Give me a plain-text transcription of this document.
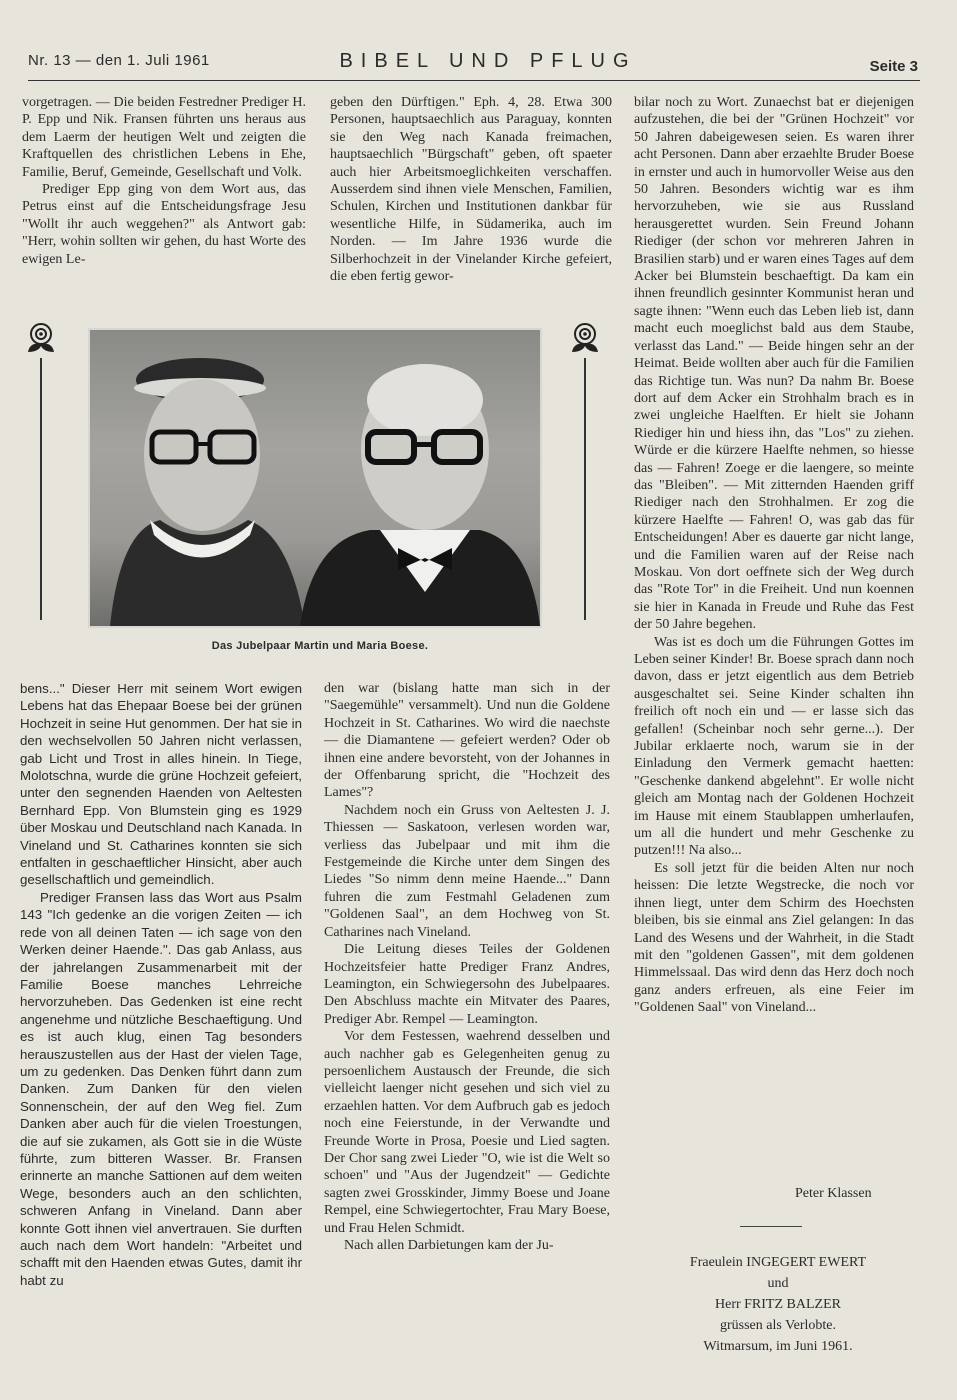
Nr. 13 — den 1. Juli 1961	BIBEL UND PFLUG	Seite 3

vorgetragen. — Die beiden Festredner Prediger H. P. Epp und Nik. Fransen führten uns heraus aus dem Laerm der heutigen Welt und zeigten die Kraftquellen des christlichen Lebens in Ehe, Familie, Beruf, Gemeinde, Gesellschaft und Volk.

Prediger Epp ging von dem Wort aus, das Petrus einst auf die Entscheidungsfrage Jesu "Wollt ihr auch weggehen?" als Antwort gab: "Herr, wohin sollten wir gehen, du hast Worte des ewigen Le-

geben den Dürftigen." Eph. 4, 28. Etwa 300 Personen, hauptsaechlich aus Paraguay, konnten sie den Weg nach Kanada freimachen, hauptsaechlich "Bürgschaft" geben, oft spaeter auch hier Arbeitsmoeglichkeiten verschaffen. Ausserdem sind ihnen viele Menschen, Familien, Schulen, Kirchen und Institutionen dankbar für wesentliche Hilfe, in Südamerika, auch im Norden. — Im Jahre 1936 wurde die Silberhochzeit in der Vinelander Kirche gefeiert, die eben fertig gewor-

bilar noch zu Wort. Zunaechst bat er diejenigen aufzustehen, die bei der "Grünen Hochzeit" vor 50 Jahren dabeigewesen seien. Es waren ihrer acht Personen. Dann aber erzaehlte Bruder Boese in ernster und auch in humorvoller Weise aus den 50 Jahren. Besonders wichtig war es ihm hervorzuheben, wie sie aus Russland herausgerettet wurden. Sein Freund Johann Riediger (der schon vor mehreren Jahren in Brasilien starb) und er waren eines Tages auf dem Acker bei Blumstein beschaeftigt. Da kam ein ihnen freundlich gesinnter Kommunist heran und sagte ihnen: "Wenn euch das Leben lieb ist, dann macht euch moeglichst bald aus dem Staube, verlasst das Land." — Beide hingen sehr an der Heimat. Beide wollten aber auch für die Familien das Richtige tun. Was nun? Da nahm Br. Boese dort auf dem Acker ein Strohhalm brach es in zwei ungleiche Haelften. Er hielt sie Johann Riediger hin und hiess ihn, das "Los" zu ziehen. Würde er die kürzere Haelfte nehmen, so hiesse das — Fahren! Zoege er die laengere, so meinte das "Bleiben". — Mit zitternden Haenden griff Riediger nach den Strohhalmen. Er zog die kürzere Haelfte — Fahren! O, was gab das für Entscheidungen! Aber es dauerte gar nicht lange, und die Familien waren auf der Reise nach Moskau. Von dort oeffnete sich der Weg durch das "Rote Tor" in die Freiheit. Und nun koennen sie hier in Kanada in Freude und Ruhe das Fest der 50 Jahre begehen.

Was ist es doch um die Führungen Gottes im Leben seiner Kinder! Br. Boese sprach dann noch davon, dass er jetzt eigentlich aus dem Betrieb ausgeschaltet sei. Seine Kinder schalten ihn freilich oft noch ein und — er lasse sich das gefallen! (Scheinbar noch sehr gerne...). Der Jubilar erklaerte noch, warum sie in der Einladung den Vermerk gemacht haetten: "Geschenke dankend abgelehnt". Er wolle nicht gleich am Montag nach der Goldenen Hochzeit im Hause mit einem Staublappen umherlaufen, um all die hundert und mehr Geschenke zu putzen!!! Na also...

Es soll jetzt für die beiden Alten nur noch heissen: Die letzte Wegstrecke, die noch vor ihnen liegt, unter dem Schirm des Hoechsten bleiben, bis sie einmal ans Ziel gelangen: In das Land des Wesens und der Wahrheit, in die Stadt mit den "goldenen Gassen", mit dem goldenen Himmelssaal. Das wird denn das Herz doch noch ganz anders erfreuen, als eine Feier im "Goldenen Saal" von Vineland...

Das Jubelpaar Martin und Maria Boese.

bens..." Dieser Herr mit seinem Wort ewigen Lebens hat das Ehepaar Boese bei der grünen Hochzeit in seine Hut genommen. Der hat sie in den wechselvollen 50 Jahren nicht verlassen, gab Licht und Trost in alles hinein. In Tiege, Molotschna, wurde die grüne Hochzeit gefeiert, unter den segnenden Haenden von Aeltesten Bernhard Epp. Von Blumstein ging es 1929 über Moskau und Deutschland nach Kanada. In Vineland und St. Catharines konnten sie sich entfalten in geschaeftlicher Hinsicht, aber auch gesellschaftlich und gemeindlich.

Prediger Fransen lass das Wort aus Psalm 143 "Ich gedenke an die vorigen Zeiten — ich rede von all deinen Taten — ich sage von den Werken deiner Haende.". Das gab Anlass, aus der jahrelangen Zusammenarbeit mit der Familie Boese manches Lehrreiche hervorzuheben. Das Gedenken ist eine recht angenehme und nützliche Beschaeftigung. Und es ist auch klug, einen Tag besonders herauszustellen aus der Hast der vielen Tage, um zu gedenken. Das Denken führt dann zum Danken. Zum Danken für den vielen Sonnenschein, der auf den Weg fiel. Zum Danken aber auch für die vielen Troestungen, die auf sie zukamen, als Gott sie in die Wüste führte, zum bitteren Wasser. Br. Fransen erinnerte an manche Sattionen auf dem weiten Wege, besonders auch an den schlichten, schweren Anfang in Vineland. Dann aber konnte Gott ihnen viel anvertrauen. Sie durften auch nach dem Wort handeln: "Arbeitet und schafft mit den Haenden etwas Gutes, damit ihr habt zu

den war (bislang hatte man sich in der "Saegemühle" versammelt). Und nun die Goldene Hochzeit in St. Catharines. Wo wird die naechste — die Diamantene — gefeiert werden? Oder ob ihnen eine andere bevorsteht, von der Johannes in der Offenbarung spricht, die "Hochzeit des Lames"?

Nachdem noch ein Gruss von Aeltesten J. J. Thiessen — Saskatoon, verlesen worden war, verliess das Jubelpaar und mit ihm die Festgemeinde die Kirche unter dem Singen des Liedes "So nimm denn meine Haende..." Dann fuhren die zum Festmahl Geladenen zum "Goldenen Saal", an dem Hochweg von St. Catharines nach Vineland.

Die Leitung dieses Teiles der Goldenen Hochzeitsfeier hatte Prediger Franz Andres, Leamington, ein Schwiegersohn des Jubelpaares. Den Abschluss machte ein Mitvater des Paares, Prediger Abr. Rempel — Leamington.

Vor dem Festessen, waehrend desselben und auch nachher gab es Gelegenheiten genug zu persoenlichem Austausch der Freunde, die sich vielleicht laenger nicht gesehen und sich viel zu erzaehlen hatten. Vor dem Aufbruch gab es jedoch noch eine Feierstunde, in der Verwandte und Freunde Worte in Prosa, Poesie und Lied sagten. Der Chor sang zwei Lieder "O, wie ist die Welt so schoen" und "Aus der Jugendzeit" — Gedichte sagten zwei Grosskinder, Jimmy Boese und Joane Rempel, eine Schwiegertochter, Frau Mary Boese, und Frau Helen Schmidt.

Nach allen Darbietungen kam der Ju-

Peter Klassen
Fraeulein INGEGERT EWERT
und
Herr FRITZ BALZER
grüssen als Verlobte.
Witmarsum, im Juni 1961.
